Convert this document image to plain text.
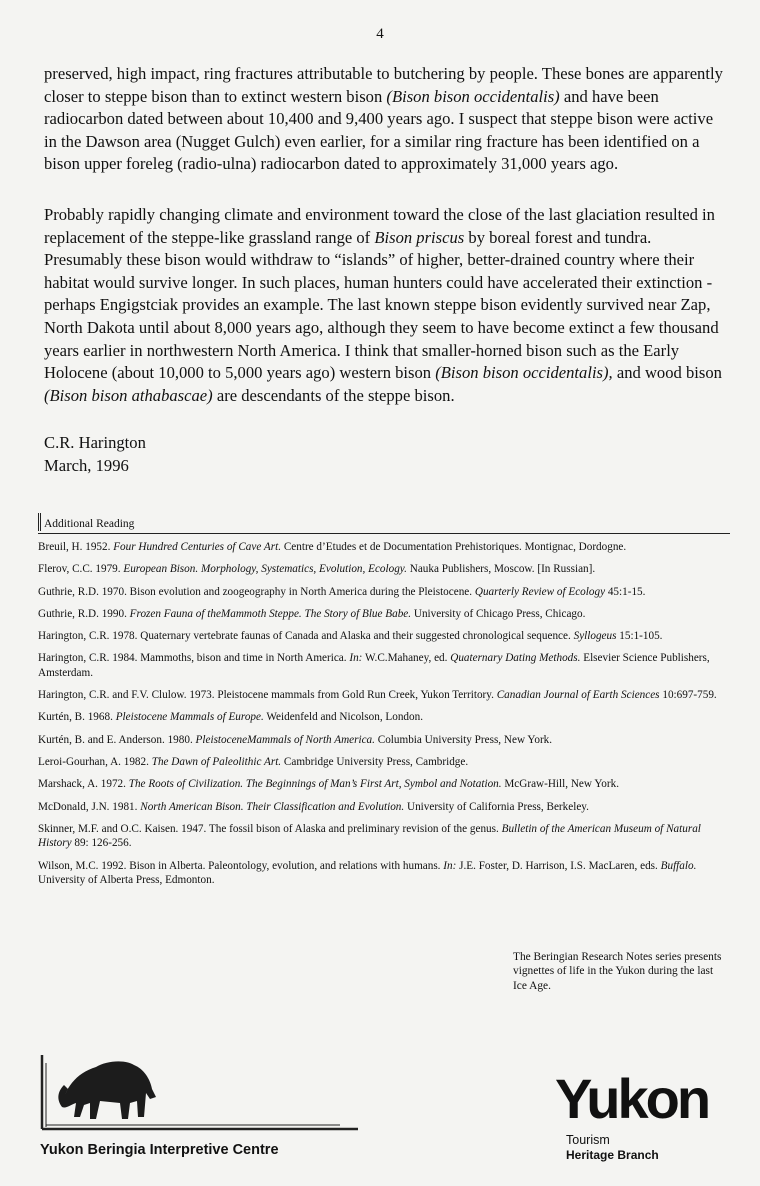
4

preserved, high impact, ring fractures attributable to butchering by people. These bones are apparently closer to steppe bison than to extinct western bison (Bison bison occidentalis) and have been radiocarbon dated between about 10,400 and 9,400 years ago. I suspect that steppe bison were active in the Dawson area (Nugget Gulch) even earlier, for a similar ring fracture has been identified on a bison upper foreleg (radio-ulna) radiocarbon dated to approximately 31,000 years ago.

Probably rapidly changing climate and environment toward the close of the last glaciation resulted in replacement of the steppe-like grassland range of Bison priscus by boreal forest and tundra. Presumably these bison would withdraw to “islands” of higher, better-drained country where their habitat would survive longer. In such places, human hunters could have accelerated their extinction - perhaps Engigstciak provides an example. The last known steppe bison evidently survived near Zap, North Dakota until about 8,000 years ago, although they seem to have become extinct a few thousand years earlier in northwestern North America. I think that smaller-horned bison such as the Early Holocene (about 10,000 to 5,000 years ago) western bison (Bison bison occidentalis), and wood bison (Bison bison athabascae) are descendants of the steppe bison.

C.R. Harington
March, 1996
Additional Reading

Breuil, H. 1952. Four Hundred Centuries of Cave Art. Centre d’Etudes et de Documentation Prehistoriques. Montignac, Dordogne.

Flerov, C.C. 1979. European Bison. Morphology, Systematics, Evolution, Ecology. Nauka Publishers, Moscow. [In Russian].

Guthrie, R.D. 1970. Bison evolution and zoogeography in North America during the Pleistocene. Quarterly Review of Ecology 45:1-15.

Guthrie, R.D. 1990. Frozen Fauna of theMammoth Steppe. The Story of Blue Babe. University of Chicago Press, Chicago.

Harington, C.R. 1978. Quaternary vertebrate faunas of Canada and Alaska and their suggested chronological sequence. Syllogeus 15:1-105.

Harington, C.R. 1984. Mammoths, bison and time in North America. In: W.C.Mahaney, ed. Quaternary Dating Methods. Elsevier Science Publishers, Amsterdam.

Harington, C.R. and F.V. Clulow. 1973. Pleistocene mammals from Gold Run Creek, Yukon Territory. Canadian Journal of Earth Sciences 10:697-759.

Kurtén, B. 1968. Pleistocene Mammals of Europe. Weidenfeld and Nicolson, London.

Kurtén, B. and E. Anderson. 1980. PleistoceneMammals of North America. Columbia University Press, New York.

Leroi-Gourhan, A. 1982. The Dawn of Paleolithic Art. Cambridge University Press, Cambridge.

Marshack, A. 1972. The Roots of Civilization. The Beginnings of Man’s First Art, Symbol and Notation. McGraw-Hill, New York.

McDonald, J.N. 1981. North American Bison. Their Classification and Evolution. University of California Press, Berkeley.

Skinner, M.F. and O.C. Kaisen. 1947. The fossil bison of Alaska and preliminary revision of the genus. Bulletin of the American Museum of Natural History 89: 126-256.

Wilson, M.C. 1992. Bison in Alberta. Paleontology, evolution, and relations with humans. In: J.E. Foster, D. Harrison, I.S. MacLaren, eds. Buffalo. University of Alberta Press, Edmonton.

The Beringian Research Notes series presents vignettes of life in the Yukon during the last Ice Age.
Yukon Beringia Interpretive Centre
Yukon
Tourism
Heritage Branch
